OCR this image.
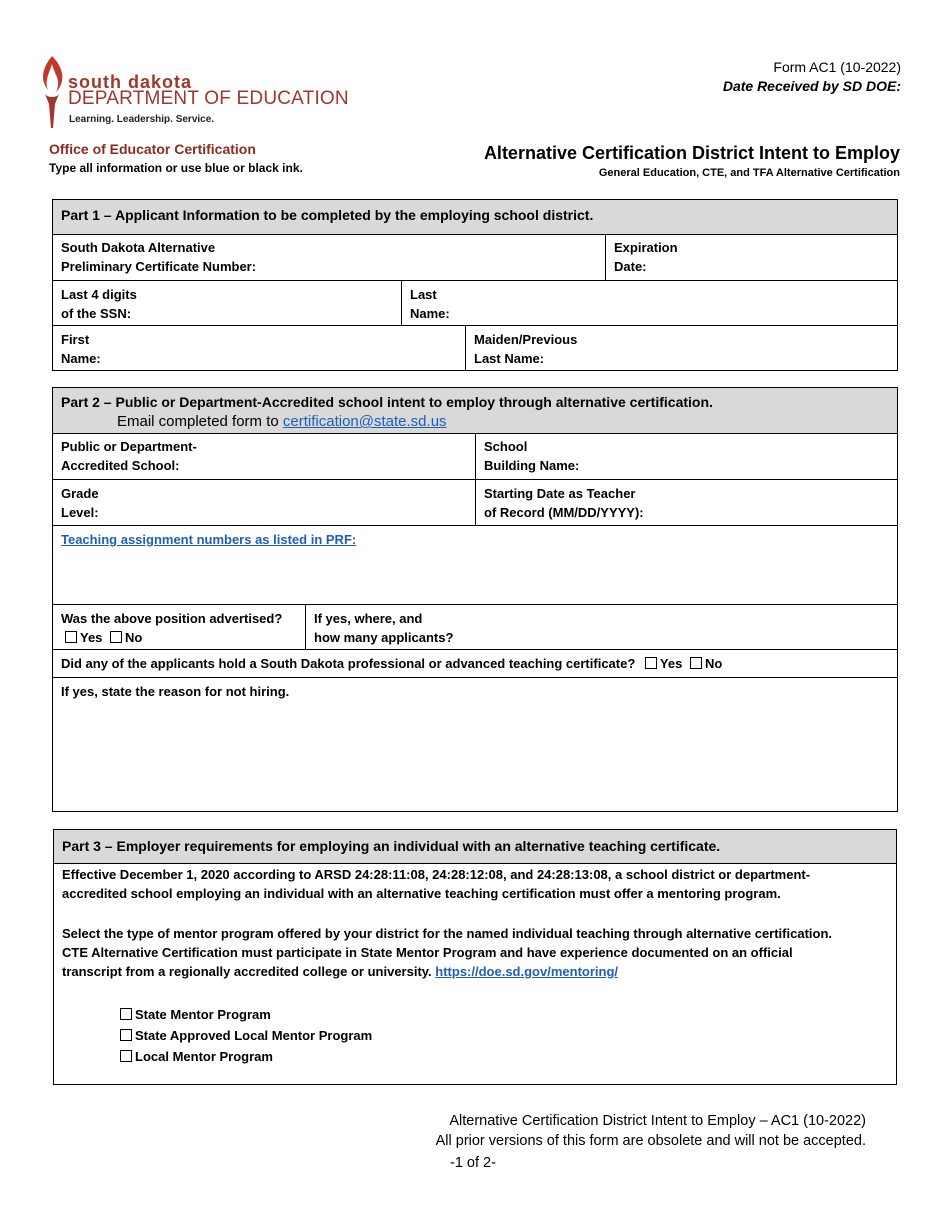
south dakota
DEPARTMENT OF EDUCATION
Learning. Leadership. Service.
Office of Educator Certification
Type all information or use blue or black ink.
Form AC1 (10-2022)
Date Received by SD DOE:
Alternative Certification District Intent to Employ
General Education, CTE, and TFA Alternative Certification
Part 1 – Applicant Information to be completed by the employing school district.
South Dakota Alternative
Preliminary Certificate Number:
Expiration
Date:
Last 4 digits
of the SSN:
Last
Name:
First
Name:
Maiden/Previous
Last Name:
Part 2 – Public or Department-Accredited school intent to employ through alternative certification.
Email completed form to certification@state.sd.us
Public or Department-
Accredited School:
School
Building Name:
Grade
Level:
Starting Date as Teacher
of Record (MM/DD/YYYY):
Teaching assignment numbers as listed in PRF:
Was the above position advertised?
Yes No
If yes, where, and
how many applicants?
Did any of the applicants hold a South Dakota professional or advanced teaching certificate? Yes No
If yes, state the reason for not hiring.
Part 3 – Employer requirements for employing an individual with an alternative teaching certificate.
Effective December 1, 2020 according to ARSD 24:28:11:08, 24:28:12:08, and 24:28:13:08, a school district or department-
accredited school employing an individual with an alternative teaching certification must offer a mentoring program.
Select the type of mentor program offered by your district for the named individual teaching through alternative certification.
CTE Alternative Certification must participate in State Mentor Program and have experience documented on an official
transcript from a regionally accredited college or university. https://doe.sd.gov/mentoring/
State Mentor Program
State Approved Local Mentor Program
Local Mentor Program
Alternative Certification District Intent to Employ – AC1 (10-2022)
All prior versions of this form are obsolete and will not be accepted.
-1 of 2-
